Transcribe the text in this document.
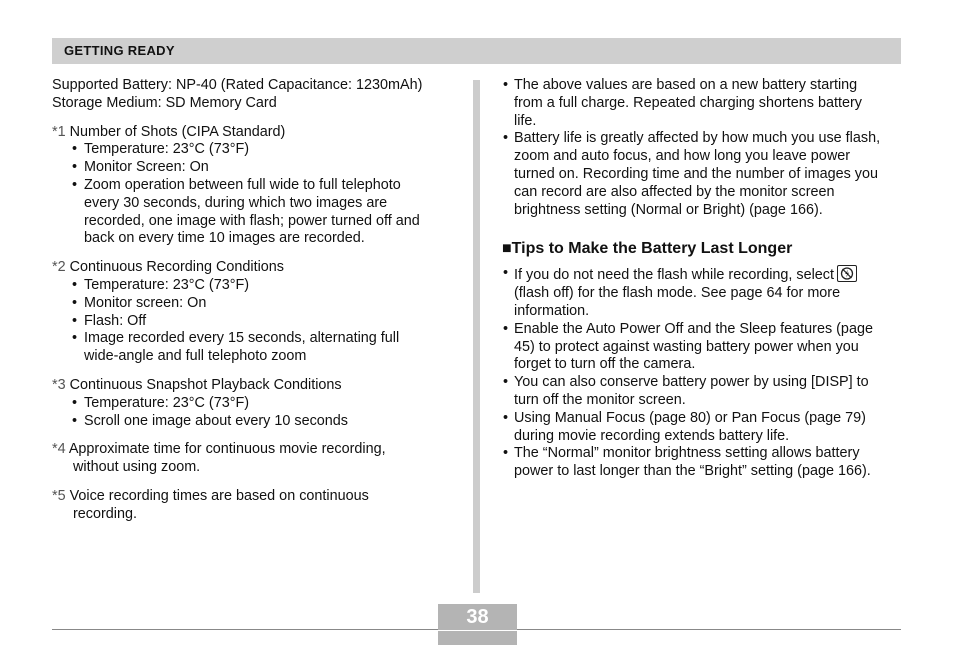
GETTING READY
Supported Battery: NP-40 (Rated Capacitance: 1230mAh)
Storage Medium: SD Memory Card
*1 Number of Shots (CIPA Standard)
• Temperature: 23°C (73°F)
• Monitor Screen: On
• Zoom operation between full wide to full telephoto
every 30 seconds, during which two images are
recorded, one image with flash; power turned off and
back on every time 10 images are recorded.
*2 Continuous Recording Conditions
• Temperature: 23°C (73°F)
• Monitor screen: On
• Flash: Off
• Image recorded every 15 seconds, alternating full
wide-angle and full telephoto zoom
*3 Continuous Snapshot Playback Conditions
• Temperature: 23°C (73°F)
• Scroll one image about every 10 seconds
*4 Approximate time for continuous movie recording,
without using zoom.
*5 Voice recording times are based on continuous
recording.
• The above values are based on a new battery starting
from a full charge. Repeated charging shortens battery
life.
• Battery life is greatly affected by how much you use flash,
zoom and auto focus, and how long you leave power
turned on. Recording time and the number of images you
can record are also affected by the monitor screen
brightness setting (Normal or Bright) (page 166).
■Tips to Make the Battery Last Longer
• If you do not need the flash while recording, select
(flash off) for the flash mode. See page 64 for more
information.
• Enable the Auto Power Off and the Sleep features (page
45) to protect against wasting battery power when you
forget to turn off the camera.
• You can also conserve battery power by using [DISP] to
turn off the monitor screen.
• Using Manual Focus (page 80) or Pan Focus (page 79)
during movie recording extends battery life.
• The “Normal” monitor brightness setting allows battery
power to last longer than the “Bright” setting (page 166).
38
